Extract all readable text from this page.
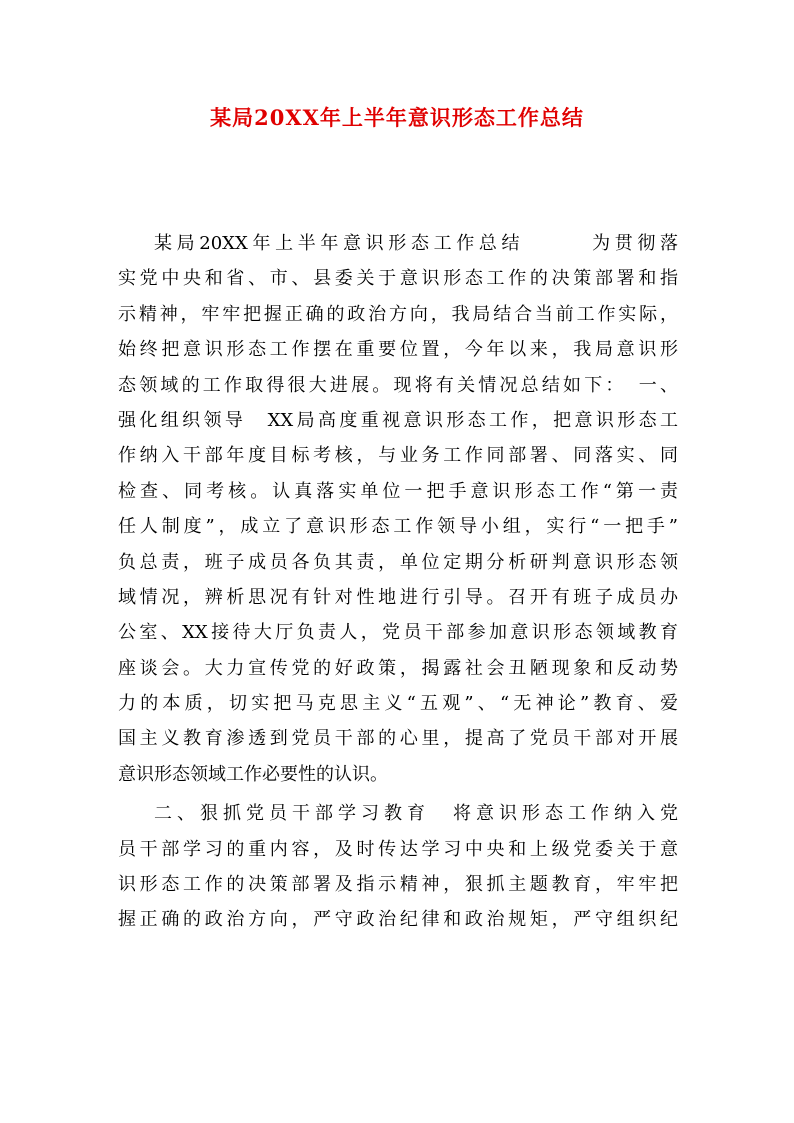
某局20XX年上半年意识形态工作总结
某局20XX年上半年意识形态工作总结　　　为贯彻落
实党中央和省、市、县委关于意识形态工作的决策部署和指
示精神，牢牢把握正确的政治方向，我局结合当前工作实际，
始终把意识形态工作摆在重要位置，今年以来，我局意识形
态领域的工作取得很大进展。现将有关情况总结如下：　一、
强化组织领导　XX局高度重视意识形态工作，把意识形态工
作纳入干部年度目标考核，与业务工作同部署、同落实、同
检查、同考核。认真落实单位一把手意识形态工作“第一责
任人制度”，成立了意识形态工作领导小组，实行“一把手”
负总责，班子成员各负其责，单位定期分析研判意识形态领
域情况，辨析思况有针对性地进行引导。召开有班子成员办
公室、XX接待大厅负责人，党员干部参加意识形态领域教育
座谈会。大力宣传党的好政策，揭露社会丑陋现象和反动势
力的本质，切实把马克思主义“五观”、“无神论”教育、爱
国主义教育渗透到党员干部的心里，提高了党员干部对开展
意识形态领域工作必要性的认识。
二、狠抓党员干部学习教育　将意识形态工作纳入党
员干部学习的重内容，及时传达学习中央和上级党委关于意
识形态工作的决策部署及指示精神，狠抓主题教育，牢牢把
握正确的政治方向，严守政治纪律和政治规矩，严守组织纪
